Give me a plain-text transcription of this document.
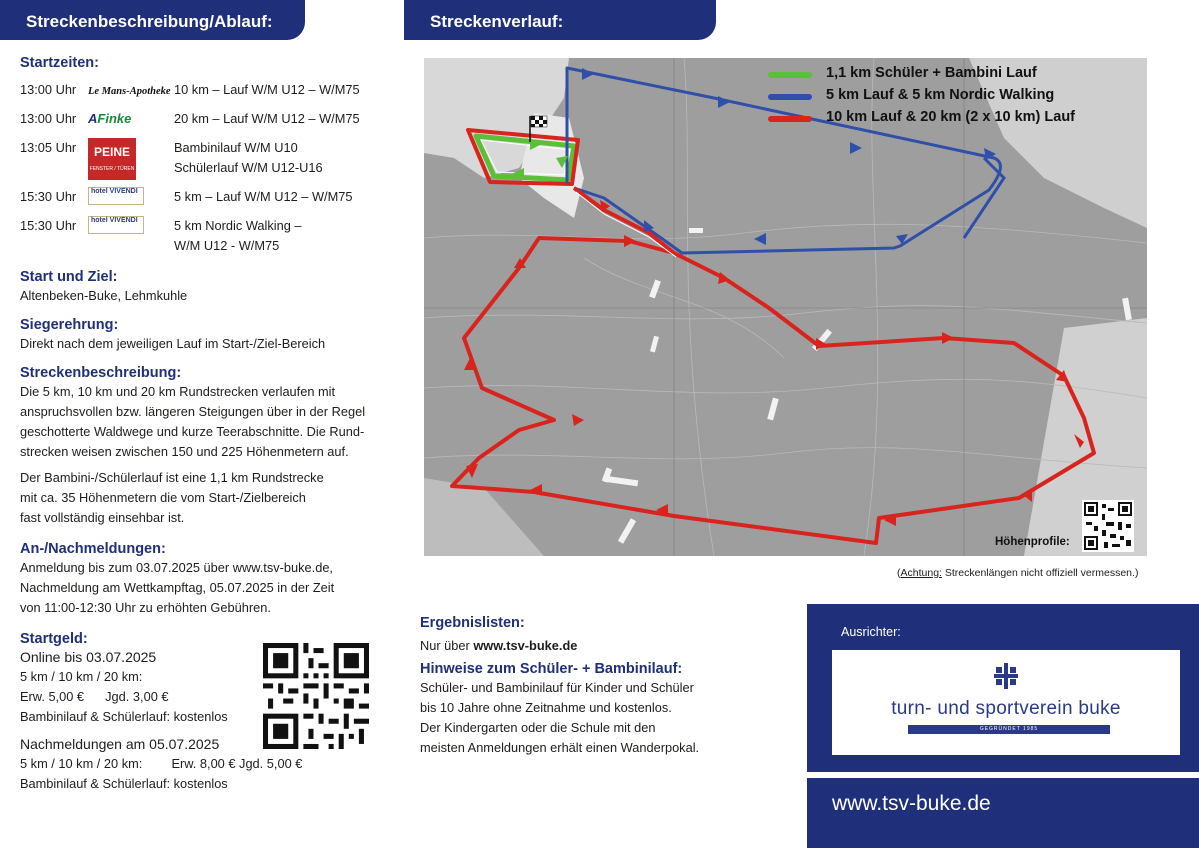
Streckenbeschreibung/Ablauf:	Streckenverlauf:
Startzeiten:
13:00 Uhr Le Mans-Apotheke 10 km – Lauf W/M U12 – W/M75
13:00 Uhr AFinke	20 km – Lauf W/M U12 – W/M75
13:05 Uhr	PEINE
FENSTER / TÜREN
Bambinilauf W/M U10
Schülerlauf W/M U12-U16
15:30 Uhr hotel VIVENDI	5 km – Lauf W/M U12 – W/M75
15:30 Uhr hotel VIVENDI	5 km Nordic Walking –
W/M U12 - W/M75
Start und Ziel:
Altenbeken-Buke, Lehmkuhle
Siegerehrung:
Direkt nach dem jeweiligen Lauf im Start-/Ziel-Bereich
Streckenbeschreibung:
Die 5 km, 10 km und 20 km Rundstrecken verlaufen mit
anspruchsvollen bzw. längeren Steigungen über in der Regel
geschotterte Waldwege und kurze Teerabschnitte. Die Rund-
strecken weisen zwischen 150 und 225 Höhenmetern auf.
Der Bambini-/Schülerlauf ist eine 1,1 km Rundstrecke
mit ca. 35 Höhenmetern die vom Start-/Zielbereich
fast vollständig einsehbar ist.
An-/Nachmeldungen:
Anmeldung bis zum 03.07.2025 über www.tsv-buke.de,
Nachmeldung am Wettkampftag, 05.07.2025 in der Zeit
von 11:00-12:30 Uhr zu erhöhten Gebühren.
Startgeld:
Online bis 03.07.2025
5 km / 10 km / 20 km:
Erw. 5,00 € Jgd. 3,00 €
Bambinilauf & Schülerlauf: kostenlos
Nachmeldungen am 05.07.2025
5 km / 10 km / 20 km: Erw. 8,00 € Jgd. 5,00 €
Bambinilauf & Schülerlauf: kostenlos
1,1 km Schüler + Bambini Lauf
5 km Lauf & 5 km Nordic Walking
10 km Lauf & 20 km (2 x 10 km) Lauf
Höhenprofile:
(Achtung: Streckenlängen nicht offiziell vermessen.)
Ergebnislisten:
Nur über www.tsv-buke.de
Hinweise zum Schüler- + Bambinilauf:
Schüler- und Bambinilauf für Kinder und Schüler
bis 10 Jahre ohne Zeitnahme und kostenlos.
Der Kindergarten oder die Schule mit den
meisten Anmeldungen erhält einen Wanderpokal.
Ausrichter:
turn- und sportverein buke
GEGRÜNDET 1985
www.tsv-buke.de
